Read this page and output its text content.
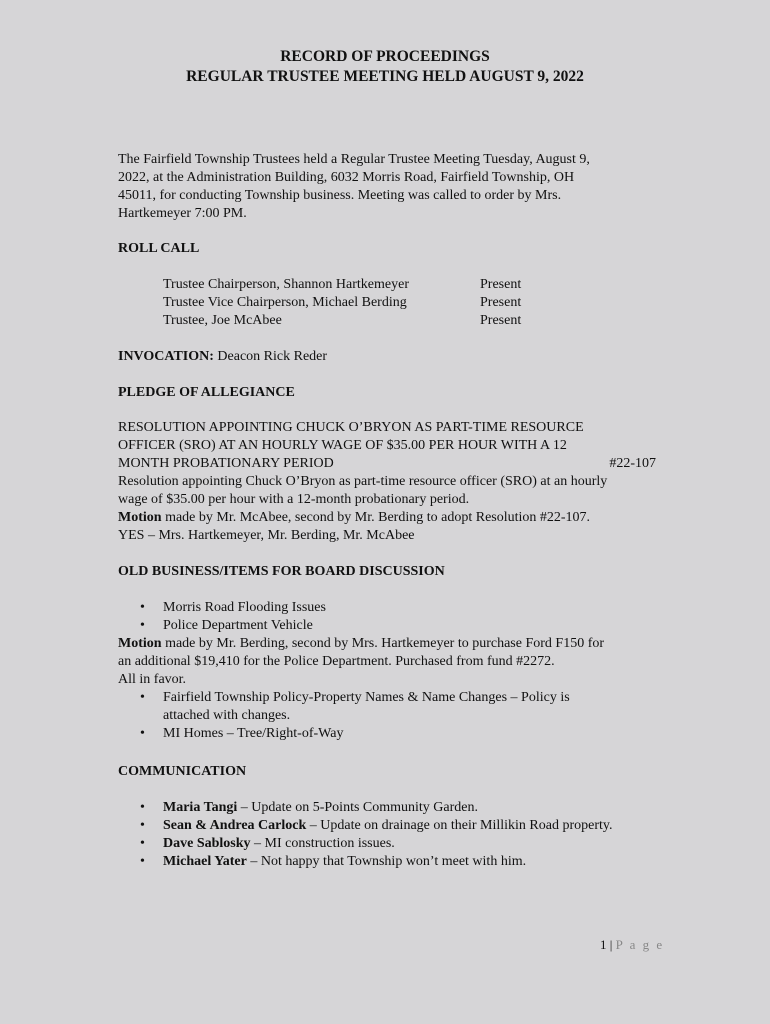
RECORD OF PROCEEDINGS
REGULAR TRUSTEE MEETING HELD AUGUST 9, 2022
The Fairfield Township Trustees held a Regular Trustee Meeting Tuesday, August 9,
2022, at the Administration Building, 6032 Morris Road, Fairfield Township, OH
45011, for conducting Township business. Meeting was called to order by Mrs.
Hartkemeyer 7:00 PM.
ROLL CALL
Trustee Chairperson, Shannon Hartkemeyer	Present
Trustee Vice Chairperson, Michael Berding	Present
Trustee, Joe McAbee	Present
INVOCATION: Deacon Rick Reder
PLEDGE OF ALLEGIANCE
RESOLUTION APPOINTING CHUCK O’BRYON AS PART-TIME RESOURCE
OFFICER (SRO) AT AN HOURLY WAGE OF $35.00 PER HOUR WITH A 12
MONTH PROBATIONARY PERIOD	#22-107
Resolution appointing Chuck O’Bryon as part-time resource officer (SRO) at an hourly
wage of $35.00 per hour with a 12-month probationary period.
Motion made by Mr. McAbee, second by Mr. Berding to adopt Resolution #22-107.
YES – Mrs. Hartkemeyer, Mr. Berding, Mr. McAbee
OLD BUSINESS/ITEMS FOR BOARD DISCUSSION
• Morris Road Flooding Issues
• Police Department Vehicle
Motion made by Mr. Berding, second by Mrs. Hartkemeyer to purchase Ford F150 for
an additional $19,410 for the Police Department. Purchased from fund #2272.
All in favor.
• Fairfield Township Policy-Property Names & Name Changes – Policy is
attached with changes.
• MI Homes – Tree/Right-of-Way
COMMUNICATION
• Maria Tangi – Update on 5-Points Community Garden.
• Sean & Andrea Carlock – Update on drainage on their Millikin Road property.
• Dave Sablosky – MI construction issues.
• Michael Yater – Not happy that Township won’t meet with him.
1 | P a g e
